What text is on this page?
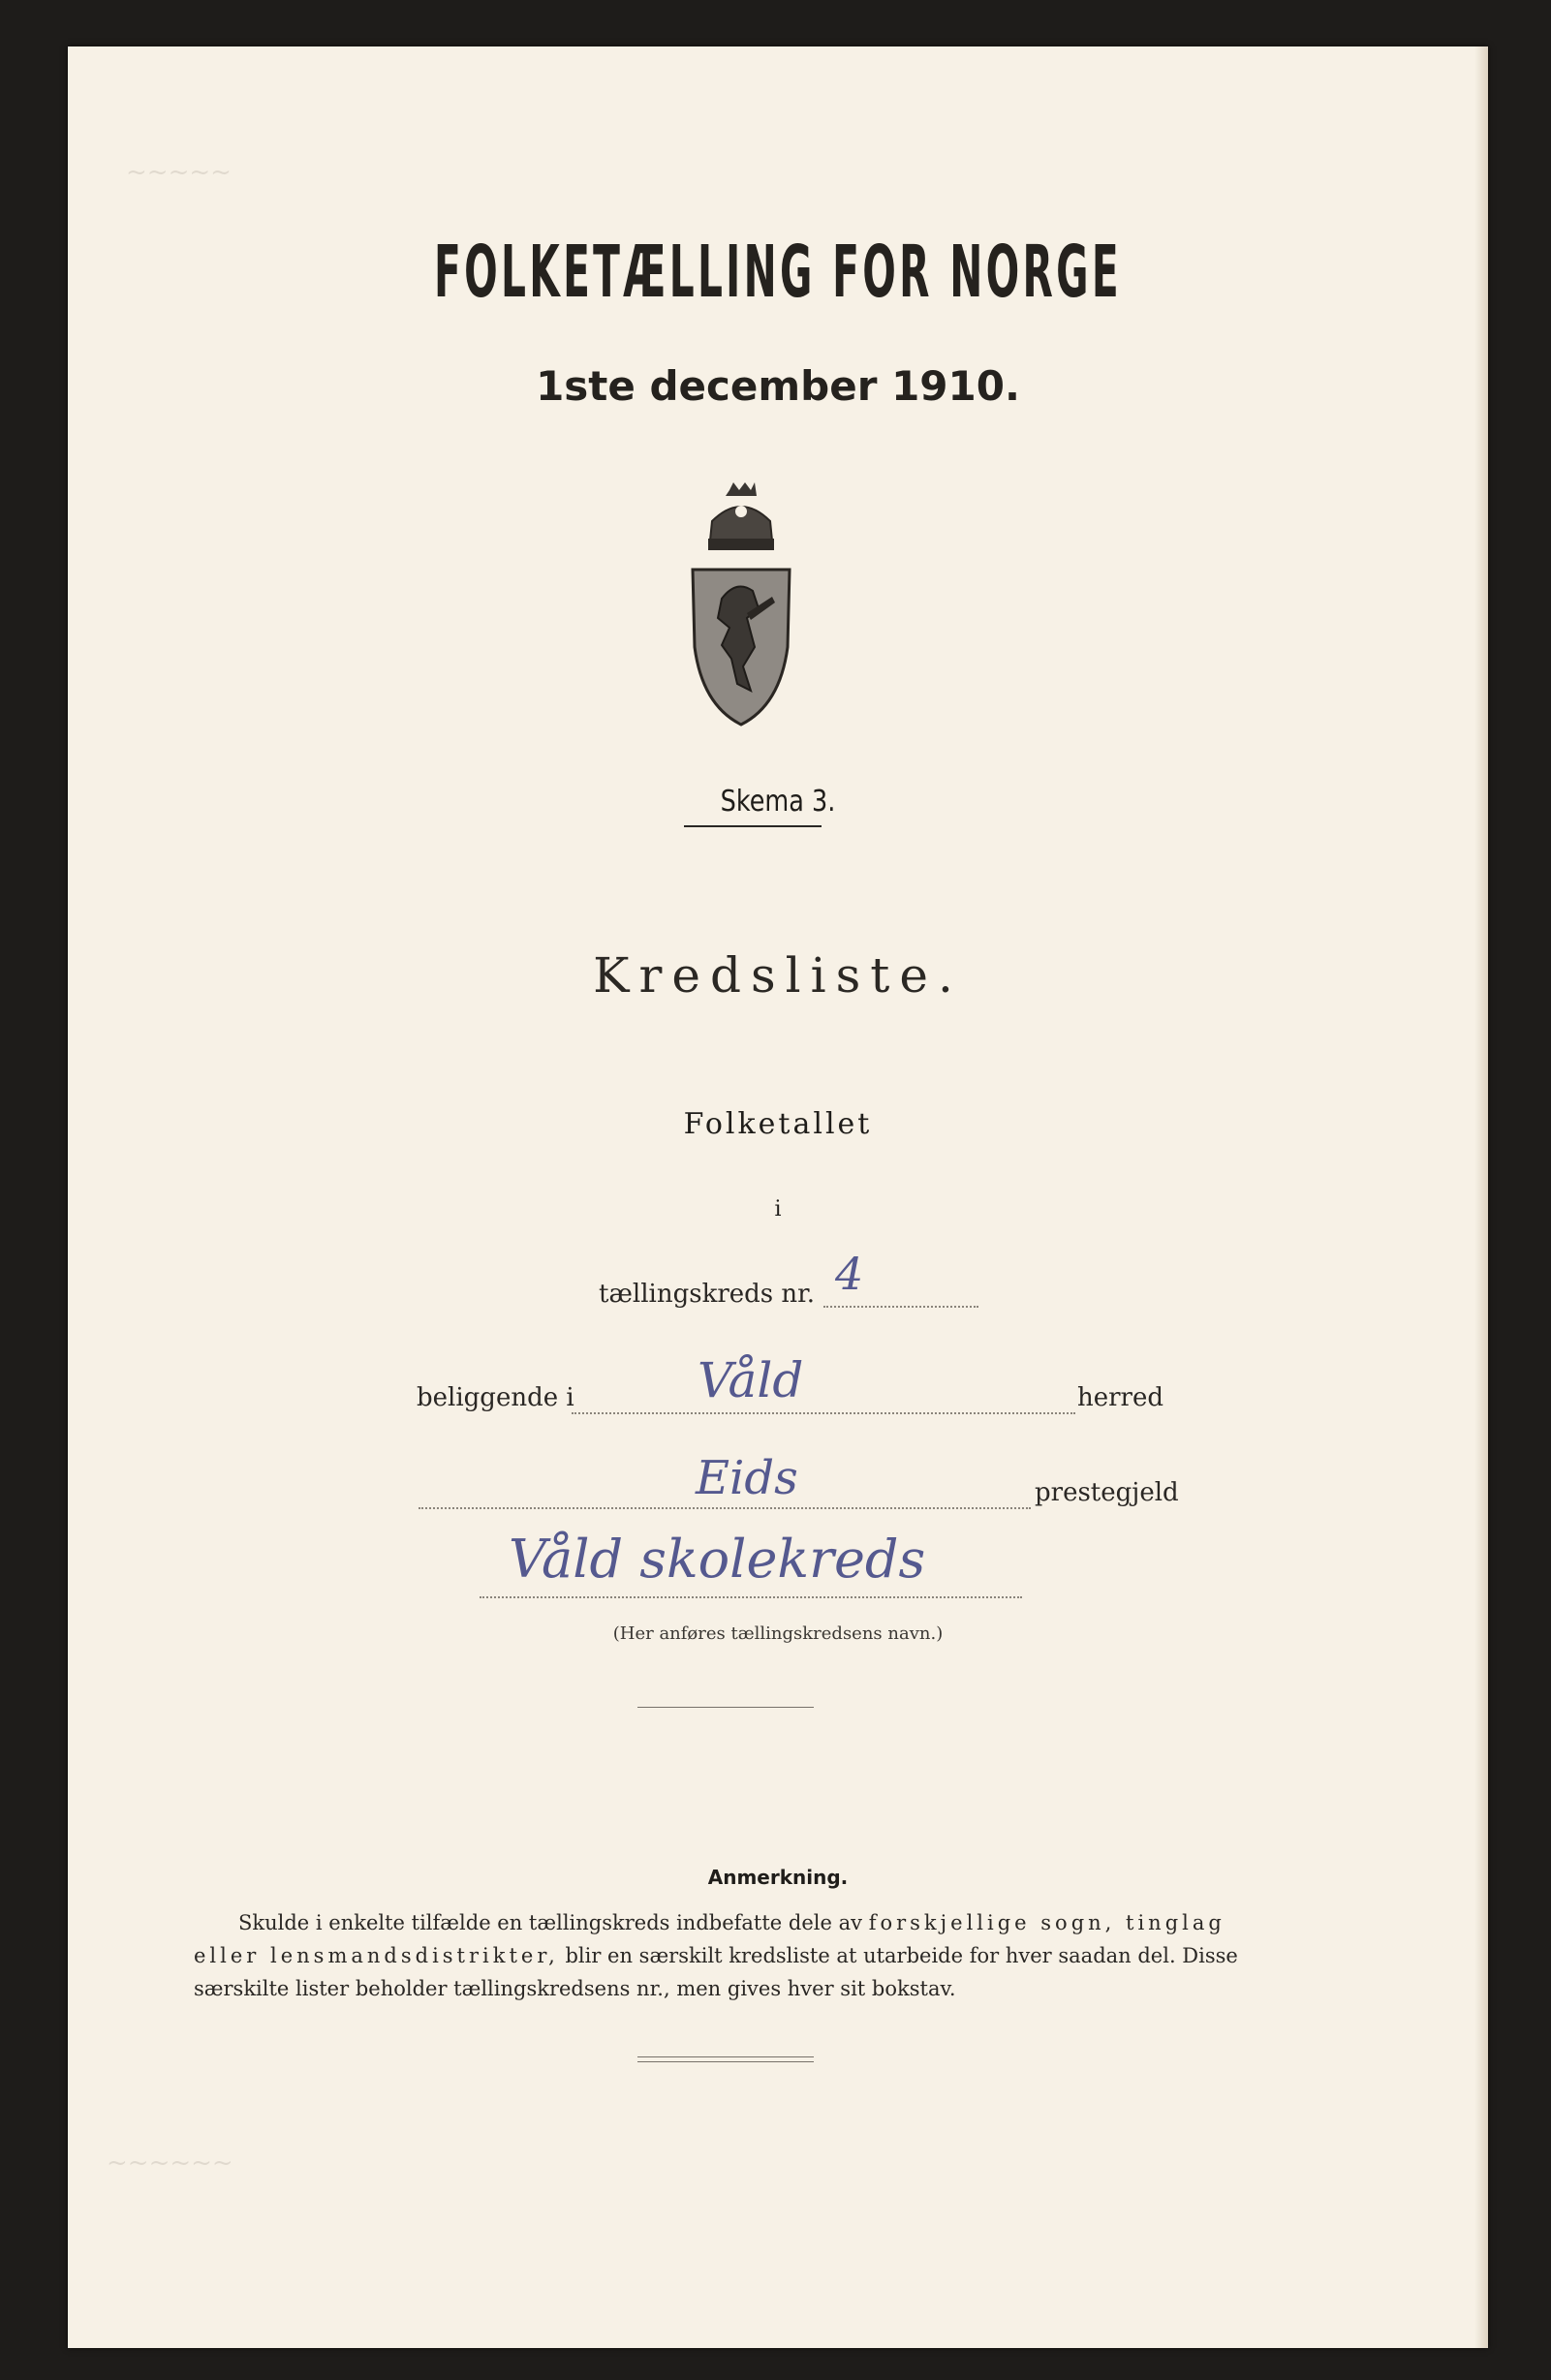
~~~~~
~~~~~~
FOLKETÆLLING FOR NORGE
1ste december 1910.
Skema 3.
Kredsliste.
Folketallet
i
tællingskreds nr. 4
beliggende i	Våld	herred
Eids	prestegjeld
Våld skolekreds
(Her anføres tællingskredsens navn.)
Anmerkning.
Skulde i enkelte tilfælde en tællingskreds indbefatte dele av forskjellige sogn, tinglag
eller lensmandsdistrikter, blir en særskilt kredsliste at utarbeide for hver saadan del. Disse
særskilte lister beholder tællingskredsens nr., men gives hver sit bokstav.
